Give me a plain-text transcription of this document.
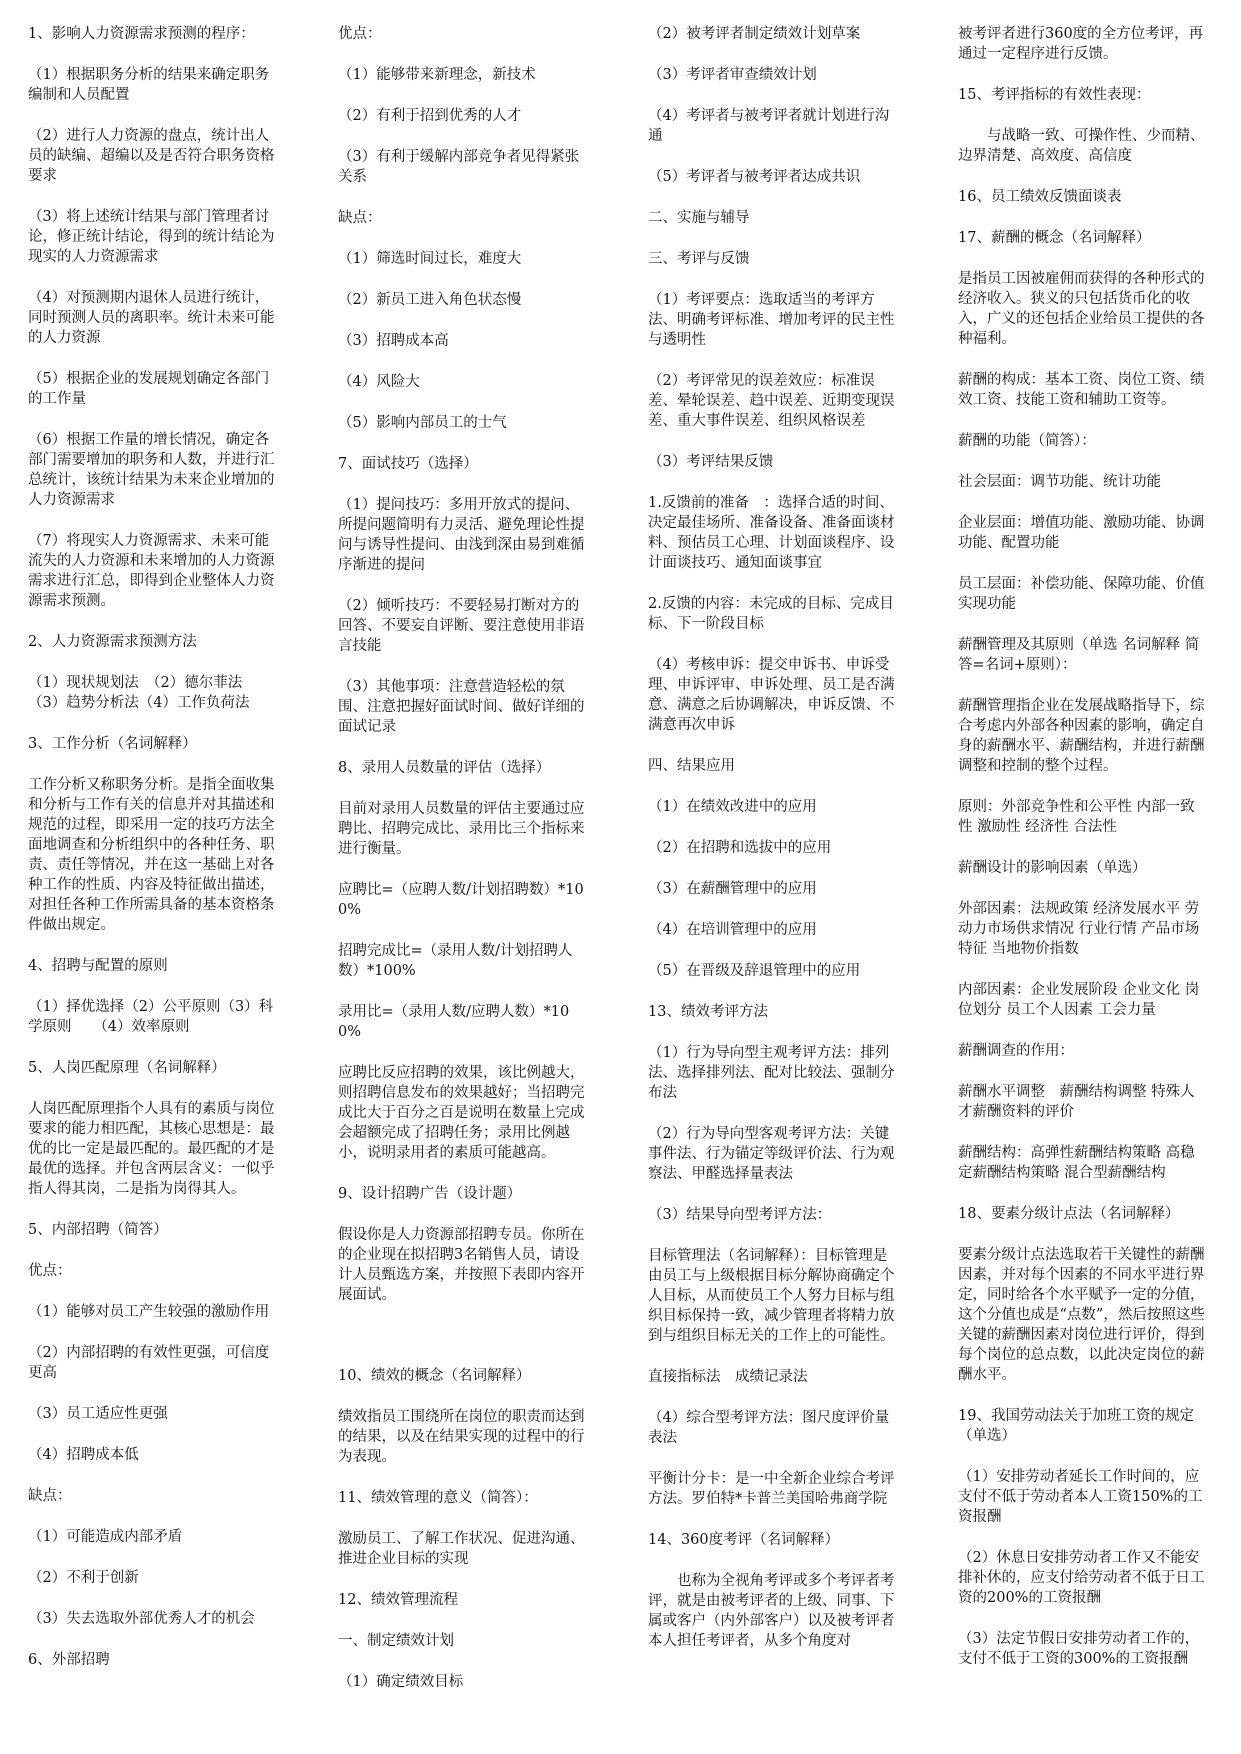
1、影响人力资源需求预测的程序：

（1）根据职务分析的结果来确定职务编制和人员配置

（2）进行人力资源的盘点，统计出人员的缺编、超编以及是否符合职务资格要求

（3）将上述统计结果与部门管理者讨论，修正统计结论，得到的统计结论为现实的人力资源需求

（4）对预测期内退休人员进行统计，同时预测人员的离职率。统计未来可能的人力资源

（5）根据企业的发展规划确定各部门的工作量

（6）根据工作量的增长情况，确定各部门需要增加的职务和人数，并进行汇总统计，该统计结果为未来企业增加的人力资源需求

（7）将现实人力资源需求、未来可能流失的人力资源和未来增加的人力资源需求进行汇总，即得到企业整体人力资源需求预测。

2、人力资源需求预测方法

（1）现状规划法　（2）德尔菲法　（3）趋势分析法（4）工作负荷法

3、工作分析（名词解释）

工作分析又称职务分析。是指全面收集和分析与工作有关的信息并对其描述和规范的过程，即采用一定的技巧方法全面地调查和分析组织中的各种任务、职责、责任等情况，并在这一基础上对各种工作的性质、内容及特征做出描述，对担任各种工作所需具备的基本资格条件做出规定。

4、招聘与配置的原则

（1）择优选择（2）公平原则（3）科学原则　　（4）效率原则

5、人岗匹配原理（名词解释）

人岗匹配原理指个人具有的素质与岗位要求的能力相匹配，其核心思想是：最优的比一定是最匹配的。最匹配的才是最优的选择。并包含两层含义：一似乎指人得其岗，二是指为岗得其人。

5、内部招聘（简答）

优点：

（1）能够对员工产生较强的激励作用

（2）内部招聘的有效性更强，可信度更高

（3）员工适应性更强

（4）招聘成本低

缺点：

（1）可能造成内部矛盾

（2）不利于创新

（3）失去选取外部优秀人才的机会

6、外部招聘

优点：

（1）能够带来新理念，新技术

（2）有利于招到优秀的人才

（3）有利于缓解内部竞争者见得紧张关系

缺点：

（1）筛选时间过长，难度大

（2）新员工进入角色状态慢

（3）招聘成本高

（4）风险大

（5）影响内部员工的士气

7、面试技巧（选择）

（1）提问技巧：多用开放式的提问、所提问题简明有力灵活、避免理论性提问与诱导性提问、由浅到深由易到难循序渐进的提问

（2）倾听技巧：不要轻易打断对方的回答、不要妄自评断、要注意使用非语言技能

（3）其他事项：注意营造轻松的氛围、注意把握好面试时间、做好详细的面试记录

8、录用人员数量的评估（选择）

目前对录用人员数量的评估主要通过应聘比、招聘完成比、录用比三个指标来进行衡量。

应聘比=（应聘人数/计划招聘数）*100%

招聘完成比=（录用人数/计划招聘人数）*100%

录用比=（录用人数/应聘人数）*100%

应聘比反应招聘的效果，该比例越大，则招聘信息发布的效果越好；当招聘完成比大于百分之百是说明在数量上完成会超额完成了招聘任务；录用比例越小，说明录用者的素质可能越高。

9、设计招聘广告（设计题）

假设你是人力资源部招聘专员。你所在的企业现在拟招聘3名销售人员，请设计人员甄选方案，并按照下表即内容开展面试。

10、绩效的概念（名词解释）

绩效指员工围绕所在岗位的职责而达到的结果，以及在结果实现的过程中的行为表现。

11、绩效管理的意义（简答）：

激励员工、了解工作状况、促进沟通、推进企业目标的实现

12、绩效管理流程

一、制定绩效计划

（1）确定绩效目标

（2）被考评者制定绩效计划草案

（3）考评者审查绩效计划

（4）考评者与被考评者就计划进行沟通

（5）考评者与被考评者达成共识

二、实施与辅导

三、考评与反馈

（1）考评要点：选取适当的考评方法、明确考评标准、增加考评的民主性与透明性

（2）考评常见的误差效应：标准误差、晕轮误差、趋中误差、近期变现误差、重大事件误差、组织风格误差

（3）考评结果反馈

1.反馈前的准备　：选择合适的时间、决定最佳场所、准备设备、准备面谈材料、预估员工心理、计划面谈程序、设计面谈技巧、通知面谈事宜

2.反馈的内容：未完成的目标、完成目标、下一阶段目标

（4）考核申诉：提交申诉书、申诉受理、申诉评审、申诉处理、员工是否满意、满意之后协调解决，申诉反馈、不满意再次申诉

四、结果应用

（1）在绩效改进中的应用

（2）在招聘和选拔中的应用

（3）在薪酬管理中的应用

（4）在培训管理中的应用

（5）在晋级及辞退管理中的应用

13、绩效考评方法

（1）行为导向型主观考评方法：排列法、选择排列法、配对比较法、强制分布法

（2）行为导向型客观考评方法：关键事件法、行为锚定等级评价法、行为观察法、甲醛选择量表法

（3）结果导向型考评方法：

目标管理法（名词解释）：目标管理是由员工与上级根据目标分解协商确定个人目标，从而使员工个人努力目标与组织目标保持一致，减少管理者将精力放到与组织目标无关的工作上的可能性。

直接指标法　成绩记录法

（4）综合型考评方法：图尺度评价量表法

平衡计分卡：是一中全新企业综合考评方法。罗伯特*卡普兰美国哈弗商学院

14、360度考评（名词解释）

　　也称为全视角考评或多个考评者考评，就是由被考评者的上级、同事、下属或客户（内外部客户）以及被考评者本人担任考评者，从多个角度对

被考评者进行360度的全方位考评，再通过一定程序进行反馈。

15、考评指标的有效性表现：

　　与战略一致、可操作性、少而精、边界清楚、高效度、高信度

16、员工绩效反馈面谈表

17、薪酬的概念（名词解释）

是指员工因被雇佣而获得的各种形式的经济收入。狭义的只包括货币化的收入，广义的还包括企业给员工提供的各种福利。

薪酬的构成：基本工资、岗位工资、绩效工资、技能工资和辅助工资等。

薪酬的功能（简答）：

社会层面：调节功能、统计功能

企业层面：增值功能、激励功能、协调功能、配置功能

员工层面：补偿功能、保障功能、价值实现功能

薪酬管理及其原则（单选 名词解释 简答=名词+原则）：

薪酬管理指企业在发展战略指导下，综合考虑内外部各种因素的影响，确定自身的薪酬水平、薪酬结构，并进行薪酬调整和控制的整个过程。

原则：外部竞争性和公平性 内部一致性 激励性 经济性 合法性

薪酬设计的影响因素（单选）

外部因素：法规政策 经济发展水平 劳动力市场供求情况 行业行情 产品市场特征 当地物价指数

内部因素：企业发展阶段 企业文化 岗位划分 员工个人因素 工会力量

薪酬调查的作用：

薪酬水平调整　薪酬结构调整 特殊人才薪酬资料的评价

薪酬结构：高弹性薪酬结构策略 高稳定薪酬结构策略 混合型薪酬结构

18、要素分级计点法（名词解释）

要素分级计点法选取若干关键性的薪酬因素，并对每个因素的不同水平进行界定，同时给各个水平赋予一定的分值，这个分值也成是“点数”，然后按照这些关键的薪酬因素对岗位进行评价，得到每个岗位的总点数，以此决定岗位的薪酬水平。

19、我国劳动法关于加班工资的规定（单选）

（1）安排劳动者延长工作时间的，应支付不低于劳动者本人工资150%的工资报酬

（2）休息日安排劳动者工作又不能安排补休的，应支付给劳动者不低于日工资的200%的工资报酬

（3）法定节假日安排劳动者工作的，支付不低于工资的300%的工资报酬
